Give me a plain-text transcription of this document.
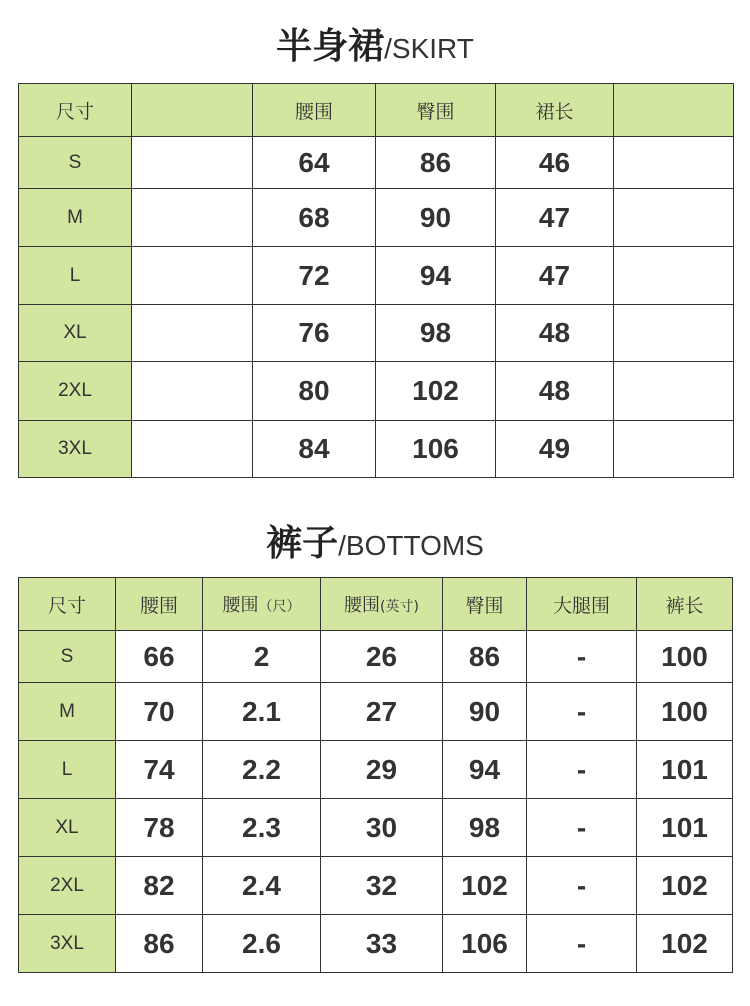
半身裙/SKIRT
尺寸		腰围	臀围	裙长	
S		64	86	46	
M		68	90	47	
L		72	94	47	
XL		76	98	48	
2XL		80	102	48	
3XL		84	106	49	
裤子/BOTTOMS
尺寸	腰围	腰围（尺）	腰围(英寸)	臀围	大腿围	裤长
S	66	2	26	86	-	100
M	70	2.1	27	90	-	100
L	74	2.2	29	94	-	101
XL	78	2.3	30	98	-	101
2XL	82	2.4	32	102	-	102
3XL	86	2.6	33	106	-	102
